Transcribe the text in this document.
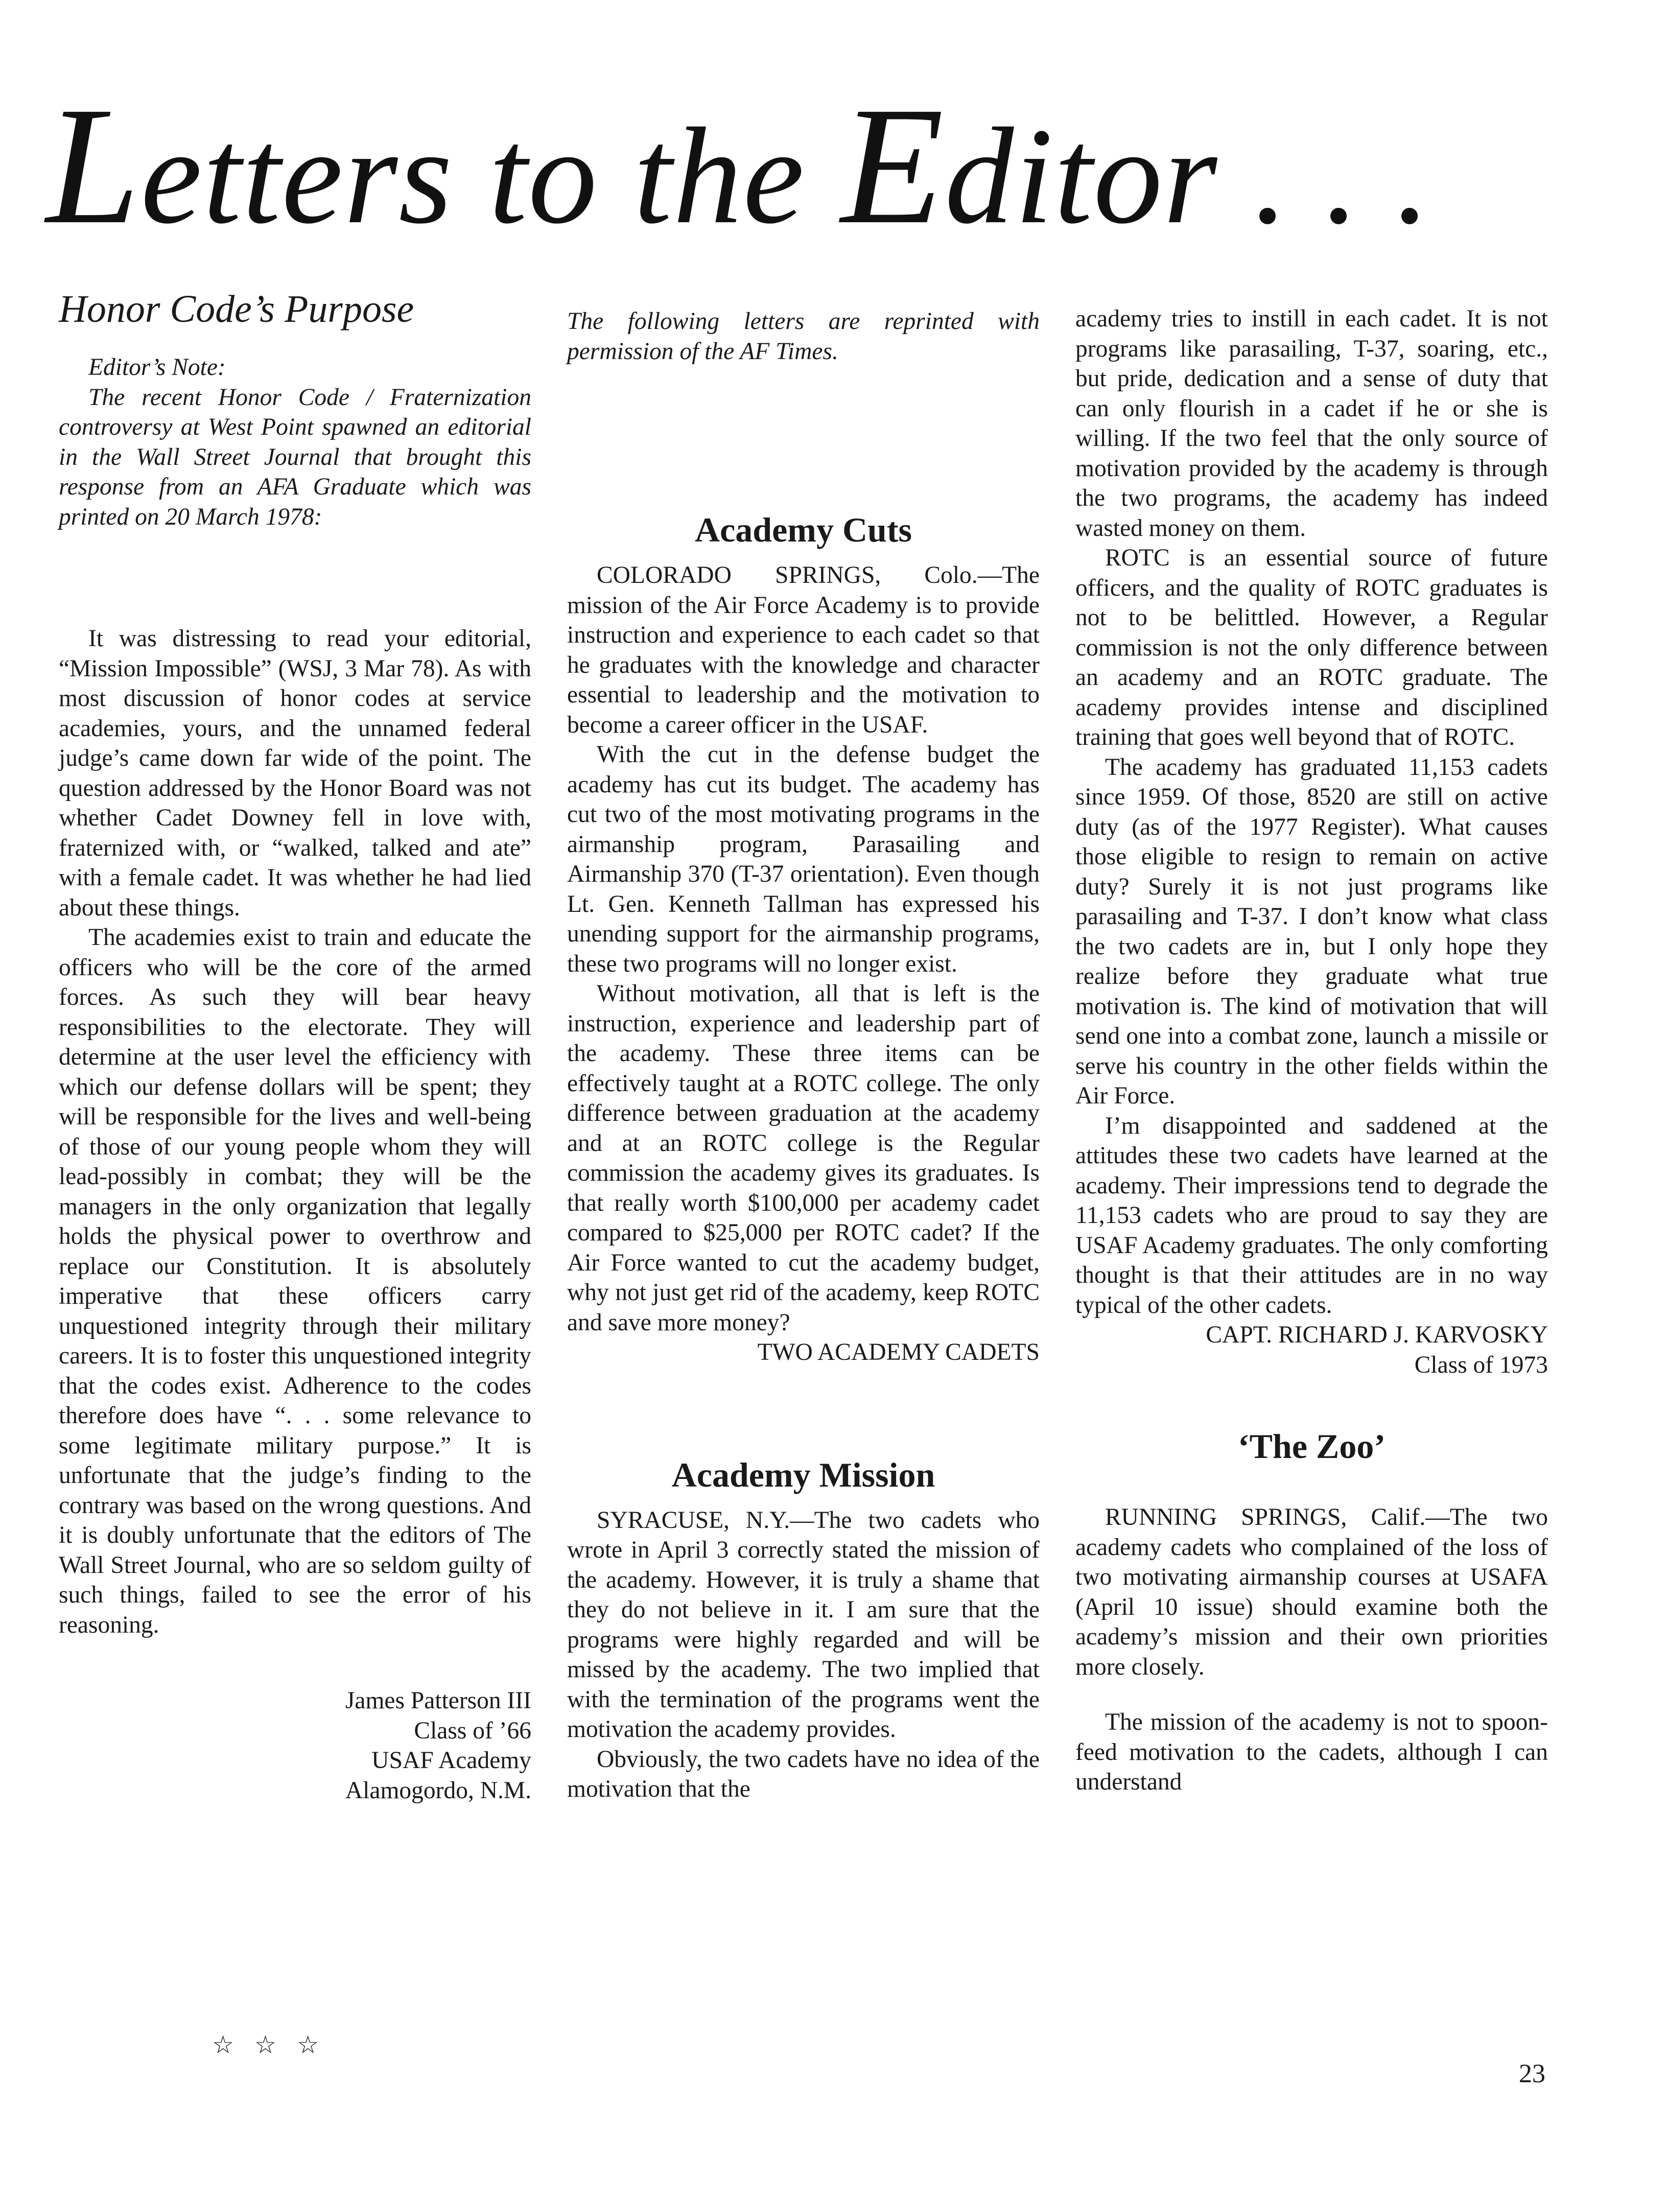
Letters to the Editor . . .
Honor Code’s Purpose

Editor’s Note:

The recent Honor Code / Fraternization controversy at West Point spawned an editorial in the Wall Street Journal that brought this response from an AFA Graduate which was printed on 20 March 1978:

It was distressing to read your editorial, “Mission Impossible” (WSJ, 3 Mar 78). As with most discussion of honor codes at service academies, yours, and the unnamed federal judge’s came down far wide of the point. The question addressed by the Honor Board was not whether Cadet Downey fell in love with, fraternized with, or “walked, talked and ate” with a female cadet. It was whether he had lied about these things.

The academies exist to train and educate the officers who will be the core of the armed forces. As such they will bear heavy responsibilities to the electorate. They will determine at the user level the efficiency with which our defense dollars will be spent; they will be responsible for the lives and well-being of those of our young people whom they will lead-possibly in combat; they will be the managers in the only organization that legally holds the physical power to overthrow and replace our Constitution. It is absolutely imperative that these officers carry unquestioned integrity through their military careers. It is to foster this unquestioned integrity that the codes exist. Adherence to the codes therefore does have “. . . some relevance to some legitimate military purpose.” It is unfortunate that the judge’s finding to the contrary was based on the wrong questions. And it is doubly unfortunate that the editors of The Wall Street Journal, who are so seldom guilty of such things, failed to see the error of his reasoning.

James Patterson III
Class of ’66
USAF Academy
Alamogordo, N.M.
☆☆☆

The following letters are reprinted with permission of the AF Times.

Academy Cuts

COLORADO SPRINGS, Colo.—The mission of the Air Force Academy is to provide instruction and experience to each cadet so that he graduates with the knowledge and character essential to leadership and the motivation to become a career officer in the USAF.

With the cut in the defense budget the academy has cut its budget. The academy has cut two of the most motivating programs in the airmanship program, Parasailing and Airmanship 370 (T-37 orientation). Even though Lt. Gen. Kenneth Tallman has expressed his unending support for the airmanship programs, these two programs will no longer exist.

Without motivation, all that is left is the instruction, experience and leadership part of the academy. These three items can be effectively taught at a ROTC college. The only difference between graduation at the academy and at an ROTC college is the Regular commission the academy gives its graduates. Is that really worth $100,000 per academy cadet compared to $25,000 per ROTC cadet? If the Air Force wanted to cut the academy budget, why not just get rid of the academy, keep ROTC and save more money?

TWO ACADEMY CADETS

Academy Mission

SYRACUSE, N.Y.—The two cadets who wrote in April 3 correctly stated the mission of the academy. However, it is truly a shame that they do not believe in it. I am sure that the programs were highly regarded and will be missed by the academy. The two implied that with the termination of the programs went the motivation the academy provides.

Obviously, the two cadets have no idea of the motivation that the

academy tries to instill in each cadet. It is not programs like parasailing, T-37, soaring, etc., but pride, dedication and a sense of duty that can only flourish in a cadet if he or she is willing. If the two feel that the only source of motivation provided by the academy is through the two programs, the academy has indeed wasted money on them.

ROTC is an essential source of future officers, and the quality of ROTC graduates is not to be belittled. However, a Regular commission is not the only difference between an academy and an ROTC graduate. The academy provides intense and disciplined training that goes well beyond that of ROTC.

The academy has graduated 11,153 cadets since 1959. Of those, 8520 are still on active duty (as of the 1977 Register). What causes those eligible to resign to remain on active duty? Surely it is not just programs like parasailing and T-37. I don’t know what class the two cadets are in, but I only hope they realize before they graduate what true motivation is. The kind of motivation that will send one into a combat zone, launch a missile or serve his country in the other fields within the Air Force.

I’m disappointed and saddened at the attitudes these two cadets have learned at the academy. Their impressions tend to degrade the 11,153 cadets who are proud to say they are USAF Academy graduates. The only comforting thought is that their attitudes are in no way typical of the other cadets.

CAPT. RICHARD J. KARVOSKY

Class of 1973

‘The Zoo’

RUNNING SPRINGS, Calif.—The two academy cadets who complained of the loss of two motivating airmanship courses at USAFA (April 10 issue) should examine both the academy’s mission and their own priorities more closely.

The mission of the academy is not to spoon-feed motivation to the cadets, although I can understand

23
